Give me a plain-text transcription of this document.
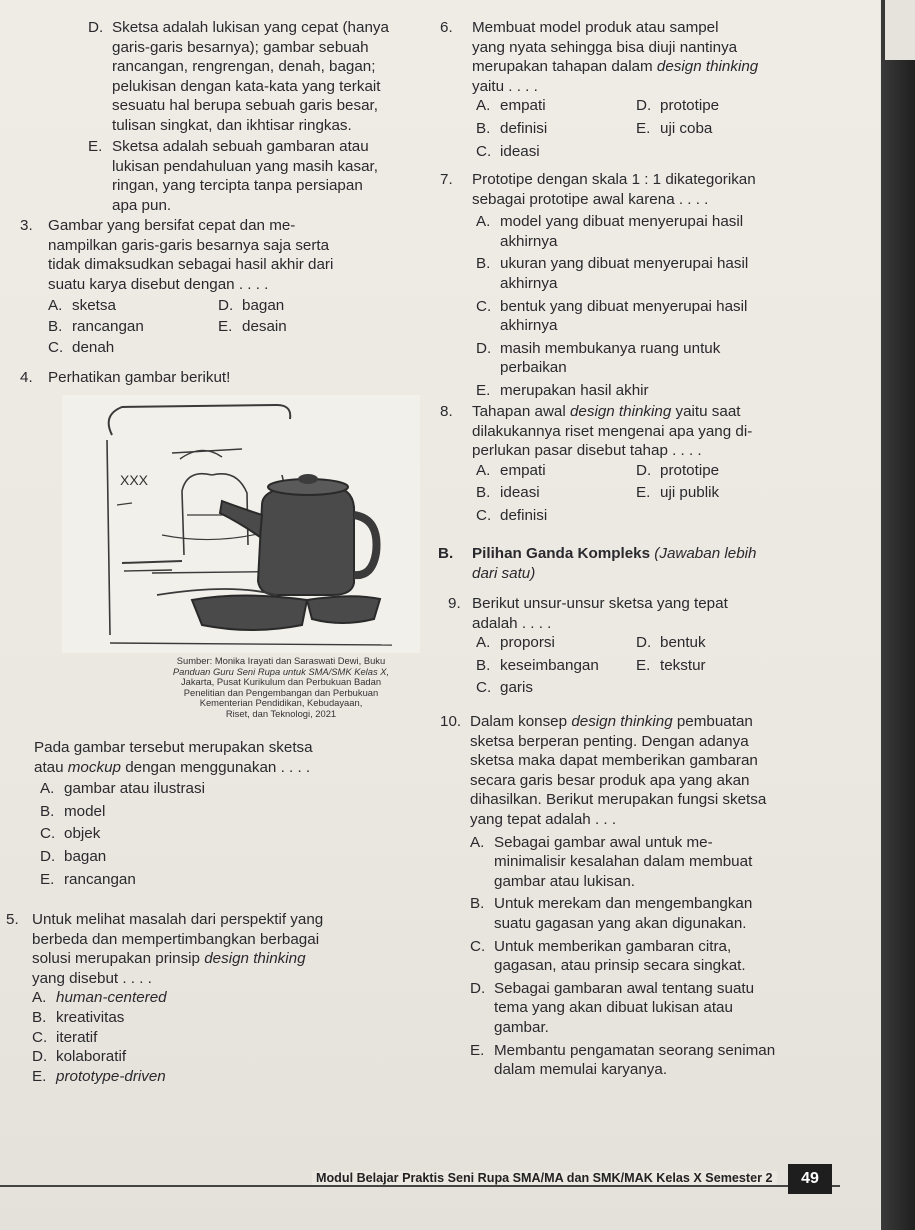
D. Sketsa adalah lukisan yang cepat (hanya
garis-garis besarnya); gambar sebuah
rancangan, rengrengan, denah, bagan;
pelukisan dengan kata-kata yang terkait
sesuatu hal berupa sebuah garis besar,
tulisan singkat, dan ikhtisar ringkas.
E. Sketsa adalah sebuah gambaran atau
lukisan pendahuluan yang masih kasar,
ringan, yang tercipta tanpa persiapan
apa pun.
3.	Gambar yang bersifat cepat dan me-
nampilkan garis-garis besarnya saja serta
tidak dimaksudkan sebagai hasil akhir dari
suatu karya disebut dengan . . . .
A. sketsa	D. bagan
B. rancangan	E. desain
C. denah
4.	Perhatikan gambar berikut!
XXX
Sumber: Monika Irayati dan Saraswati Dewi, Buku
Panduan Guru Seni Rupa untuk SMA/SMK Kelas X,
Jakarta, Pusat Kurikulum dan Perbukuan Badan
Penelitian dan Pengembangan dan Perbukuan
Kementerian Pendidikan, Kebudayaan,
Riset, dan Teknologi, 2021
Pada gambar tersebut merupakan sketsa
atau mockup dengan menggunakan . . . .
A. gambar atau ilustrasi
B. model
C. objek
D. bagan
E. rancangan
5. Untuk melihat masalah dari perspektif yang
berbeda dan mempertimbangkan berbagai
solusi merupakan prinsip design thinking
yang disebut . . . .
A. human-centered
B. kreativitas
C. iteratif
D. kolaboratif
E. prototype-driven
6.	Membuat model produk atau sampel
yang nyata sehingga bisa diuji nantinya
merupakan tahapan dalam design thinking
yaitu . . . .
A. empati	D. prototipe
B. definisi	E. uji coba
C. ideasi
7.	Prototipe dengan skala 1 : 1 dikategorikan
sebagai prototipe awal karena . . . .
A. model yang dibuat menyerupai hasil
akhirnya
B. ukuran yang dibuat menyerupai hasil
akhirnya
C. bentuk yang dibuat menyerupai hasil
akhirnya
D. masih membukanya ruang untuk
perbaikan
E. merupakan hasil akhir
8.	Tahapan awal design thinking yaitu saat
dilakukannya riset mengenai apa yang di-
perlukan pasar disebut tahap . . . .
A. empati	D. prototipe
B. ideasi	E. uji publik
C. definisi
B.	Pilihan Ganda Kompleks (Jawaban lebih
dari satu)
9. Berikut unsur-unsur sketsa yang tepat
adalah . . . .
A. proporsi	D. bentuk
B. keseimbangan E. tekstur
C. garis
10. Dalam konsep design thinking pembuatan
sketsa berperan penting. Dengan adanya
sketsa maka dapat memberikan gambaran
secara garis besar produk apa yang akan
dihasilkan. Berikut merupakan fungsi sketsa
yang tepat adalah . . .
A. Sebagai gambar awal untuk me-
minimalisir kesalahan dalam membuat
gambar atau lukisan.
B. Untuk merekam dan mengembangkan
suatu gagasan yang akan digunakan.
C. Untuk memberikan gambaran citra,
gagasan, atau prinsip secara singkat.
D. Sebagai gambaran awal tentang suatu
tema yang akan dibuat lukisan atau
gambar.
E. Membantu pengamatan seorang seniman
dalam memulai karyanya.
Modul Belajar Praktis Seni Rupa SMA/MA dan SMK/MAK Kelas X Semester 2	49
